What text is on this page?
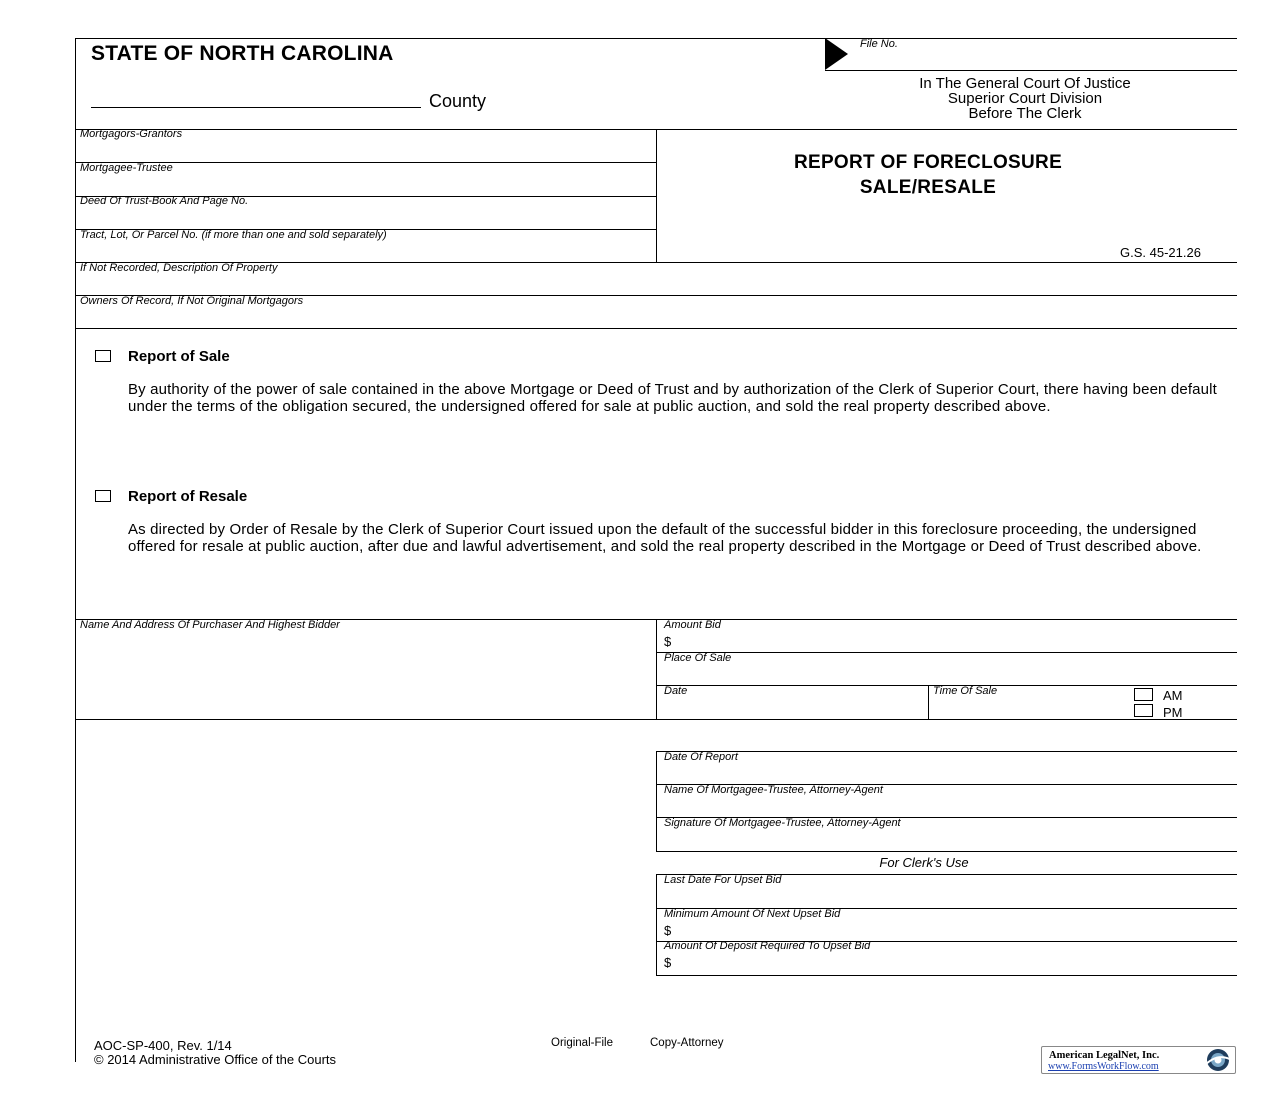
STATE OF NORTH CAROLINA
County
File No.
In The General Court Of Justice
Superior Court Division
Before The Clerk
Mortgagors-Grantors
Mortgagee-Trustee
Deed Of Trust-Book And Page No.
Tract, Lot, Or Parcel No. (if more than one and sold separately)
REPORT OF FORECLOSURE
SALE/RESALE
G.S. 45-21.26
If Not Recorded, Description Of Property
Owners Of Record, If Not Original Mortgagors
Report of Sale
By authority of the power of sale contained in the above Mortgage or Deed of Trust and by authorization of the Clerk of Superior Court, there having been default under the terms of the obligation secured, the undersigned offered for sale at public auction, and sold the real property described above.
Report of Resale
As directed by Order of Resale by the Clerk of Superior Court issued upon the default of the successful bidder in this foreclosure proceeding, the undersigned offered for resale at public auction, after due and lawful advertisement, and sold the real property described in the Mortgage or Deed of Trust described above.
Name And Address Of Purchaser And Highest Bidder	Amount Bid
$
Place Of Sale
Date	Time Of Sale	AM
PM
Date Of Report
Name Of Mortgagee-Trustee, Attorney-Agent
Signature Of Mortgagee-Trustee, Attorney-Agent
For Clerk's Use
Last Date For Upset Bid
Minimum Amount Of Next Upset Bid
$
Amount Of Deposit Required To Upset Bid
$
AOC-SP-400, Rev. 1/14
© 2014 Administrative Office of the Courts
Original-File	Copy-Attorney
American LegalNet, Inc.
www.FormsWorkFlow.com
